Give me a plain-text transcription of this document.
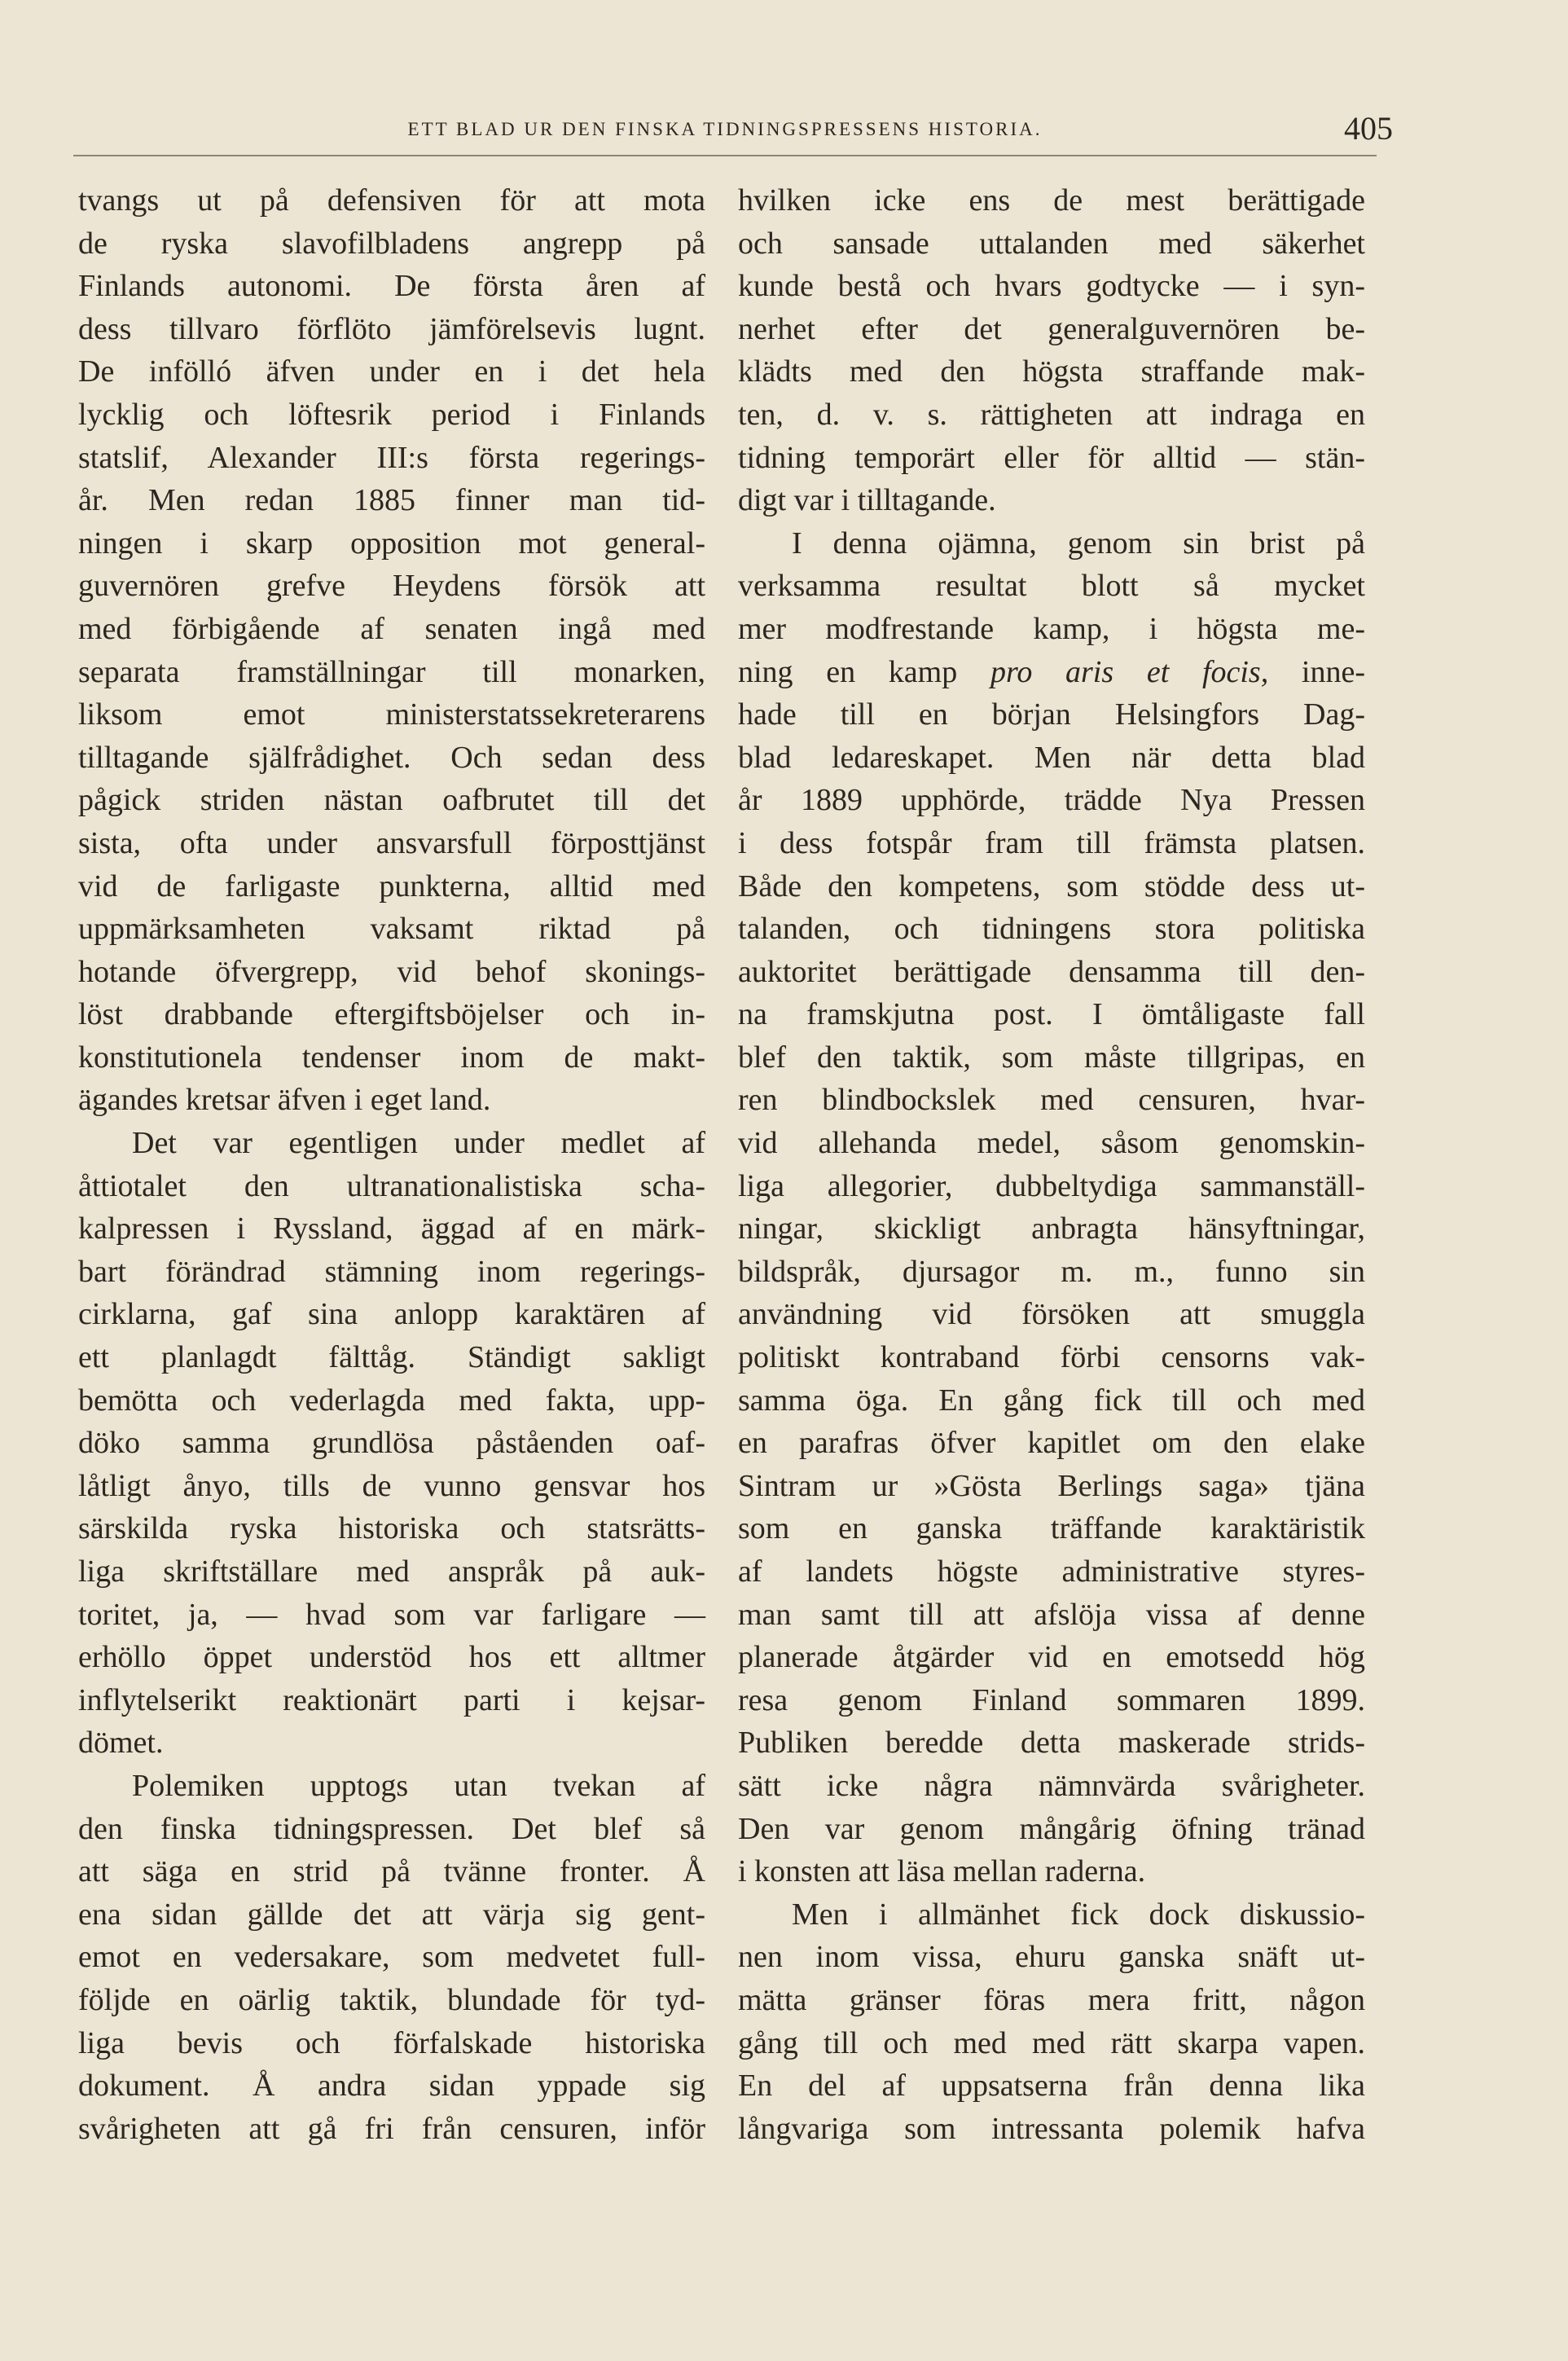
ETT BLAD UR DEN FINSKA TIDNINGSPRESSENS HISTORIA.	405
tvangs ut på defensiven för att mota
de ryska slavofilbladens angrepp på
Finlands autonomi. De första åren af
dess tillvaro förflöto jämförelsevis lugnt.
De infölló äfven under en i det hela
lycklig och löftesrik period i Finlands
statslif, Alexander III:s första regerings-
år. Men redan 1885 finner man tid-
ningen i skarp opposition mot general-
guvernören grefve Heydens försök att
med förbigående af senaten ingå med
separata framställningar till monarken,
liksom emot ministerstatssekreterarens
tilltagande själfrådighet. Och sedan dess
pågick striden nästan oafbrutet till det
sista, ofta under ansvarsfull förposttjänst
vid de farligaste punkterna, alltid med
uppmärksamheten vaksamt riktad på
hotande öfvergrepp, vid behof skonings-
löst drabbande eftergiftsböjelser och in-
konstitutionela tendenser inom de makt-
ägandes kretsar äfven i eget land.
Det var egentligen under medlet af
åttiotalet den ultranationalistiska scha-
kalpressen i Ryssland, äggad af en märk-
bart förändrad stämning inom regerings-
cirklarna, gaf sina anlopp karaktären af
ett planlagdt fälttåg. Ständigt sakligt
bemötta och vederlagda med fakta, upp-
döko samma grundlösa påståenden oaf-
låtligt ånyo, tills de vunno gensvar hos
särskilda ryska historiska och statsrätts-
liga skriftställare med anspråk på auk-
toritet, ja, — hvad som var farligare —
erhöllo öppet understöd hos ett alltmer
inflytelserikt reaktionärt parti i kejsar-
dömet.
Polemiken upptogs utan tvekan af
den finska tidningspressen. Det blef så
att säga en strid på tvänne fronter. Å
ena sidan gällde det att värja sig gent-
emot en vedersakare, som medvetet full-
följde en oärlig taktik, blundade för tyd-
liga bevis och förfalskade historiska
dokument. Å andra sidan yppade sig
svårigheten att gå fri från censuren, inför
hvilken icke ens de mest berättigade
och sansade uttalanden med säkerhet
kunde bestå och hvars godtycke — i syn-
nerhet efter det generalguvernören be-
klädts med den högsta straffande mak-
ten, d. v. s. rättigheten att indraga en
tidning temporärt eller för alltid — stän-
digt var i tilltagande.
I denna ojämna, genom sin brist på
verksamma resultat blott så mycket
mer modfrestande kamp, i högsta me-
ning en kamp pro aris et focis, inne-
hade till en början Helsingfors Dag-
blad ledareskapet. Men när detta blad
år 1889 upphörde, trädde Nya Pressen
i dess fotspår fram till främsta platsen.
Både den kompetens, som stödde dess ut-
talanden, och tidningens stora politiska
auktoritet berättigade densamma till den-
na framskjutna post. I ömtåligaste fall
blef den taktik, som måste tillgripas, en
ren blindbockslek med censuren, hvar-
vid allehanda medel, såsom genomskin-
liga allegorier, dubbeltydiga sammanställ-
ningar, skickligt anbragta hänsyftningar,
bildspråk, djursagor m. m., funno sin
användning vid försöken att smuggla
politiskt kontraband förbi censorns vak-
samma öga. En gång fick till och med
en parafras öfver kapitlet om den elake
Sintram ur »Gösta Berlings saga» tjäna
som en ganska träffande karaktäristik
af landets högste administrative styres-
man samt till att afslöja vissa af denne
planerade åtgärder vid en emotsedd hög
resa genom Finland sommaren 1899.
Publiken beredde detta maskerade strids-
sätt icke några nämnvärda svårigheter.
Den var genom mångårig öfning tränad
i konsten att läsa mellan raderna.
Men i allmänhet fick dock diskussio-
nen inom vissa, ehuru ganska snäft ut-
mätta gränser föras mera fritt, någon
gång till och med med rätt skarpa vapen.
En del af uppsatserna från denna lika
långvariga som intressanta polemik hafva
